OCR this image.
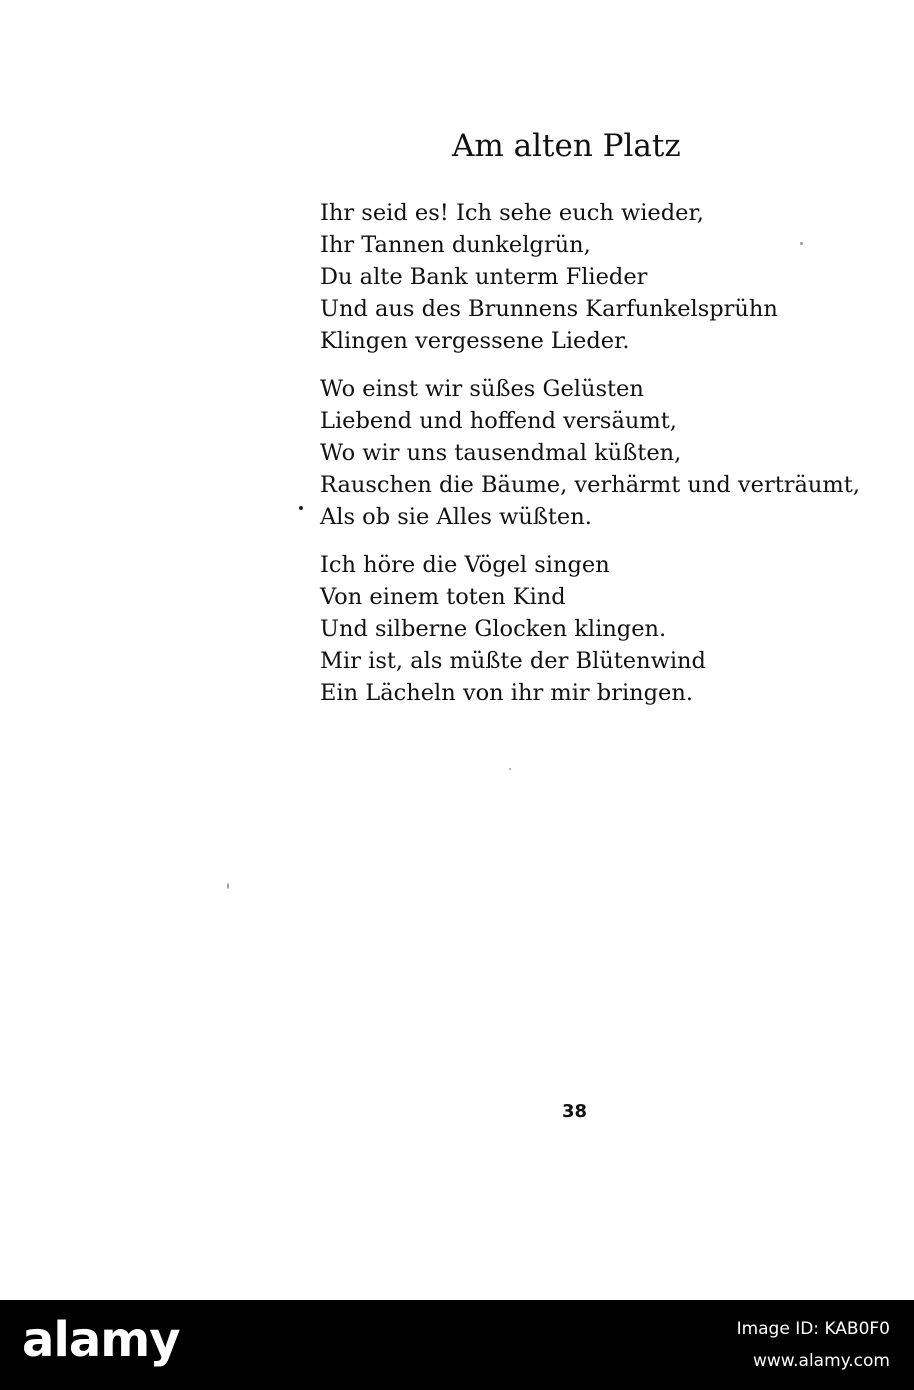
Am alten Platz
Ihr seid es! Ich sehe euch wieder,
Ihr Tannen dunkelgrün,
Du alte Bank unterm Flieder
Und aus des Brunnens Karfunkelsprühn
Klingen vergessene Lieder.
Wo einst wir süßes Gelüsten
Liebend und hoffend versäumt,
Wo wir uns tausendmal küßten,
Rauschen die Bäume, verhärmt und verträumt,
Als ob sie Alles wüßten.
Ich höre die Vögel singen
Von einem toten Kind
Und silberne Glocken klingen.
Mir ist, als müßte der Blütenwind
Ein Lächeln von ihr mir bringen.
38
alamy	Image ID: KAB0F0
www.alamy.com
